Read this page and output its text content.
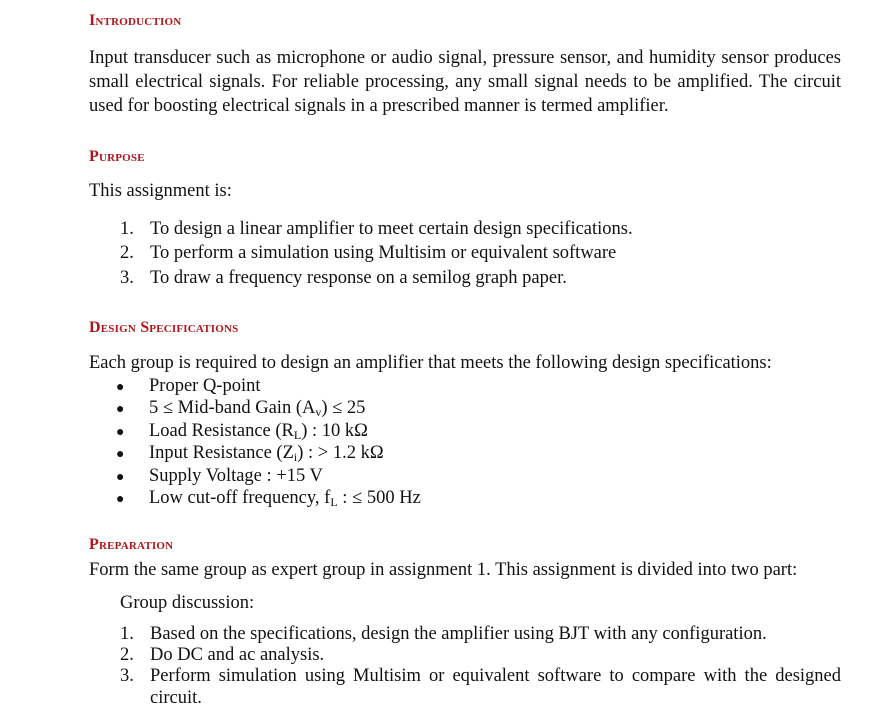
Introduction

Input transducer such as microphone or audio signal, pressure sensor, and humidity sensor produces small electrical signals. For reliable processing, any small signal needs to be amplified. The circuit used for boosting electrical signals in a prescribed manner is termed amplifier.

Purpose
This assignment is:
1. To design a linear amplifier to meet certain design specifications.
2. To perform a simulation using Multisim or equivalent software
3. To draw a frequency response on a semilog graph paper.
Design Specifications
Each group is required to design an amplifier that meets the following design specifications:
● Proper Q-point
● 5 ≤ Mid-band Gain $(A_v) \le 25$
● Load Resistance $(R_L)$ : 10 kΩ
● Input Resistance $(Z_i)$ : > 1.2 kΩ
● Supply Voltage : +15 V
● Low cut-off frequency, $f_L$ : ≤ 500 Hz
Preparation
Form the same group as expert group in assignment 1. This assignment is divided into two part:
Group discussion:
1. Based on the specifications, design the amplifier using BJT with any configuration.
2. Do DC and ac analysis.
3. Perform simulation using Multisim or equivalent software to compare with the designed
circuit.
